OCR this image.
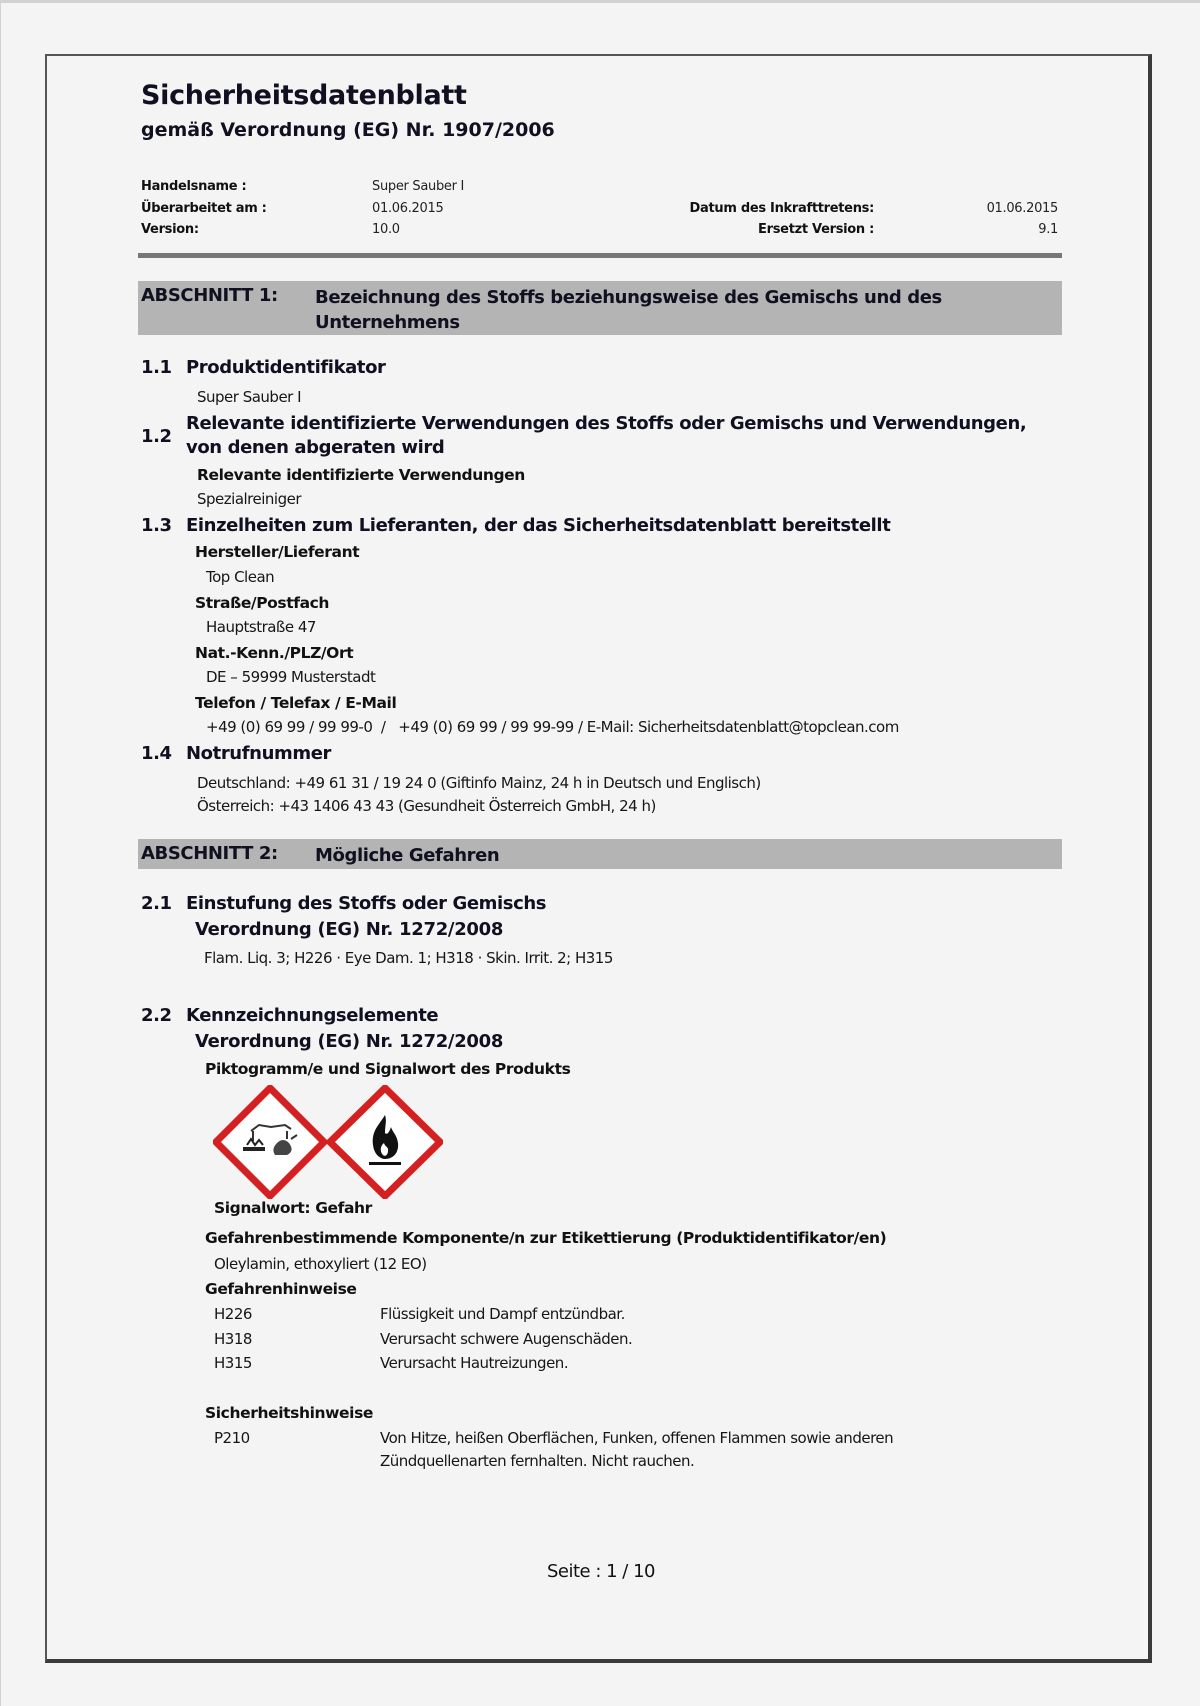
Sicherheitsdatenblatt
gemäß Verordnung (EG) Nr. 1907/2006
Handelsname :	Super Sauber I
Überarbeitet am :	01.06.2015
Version:	10.0
Datum des Inkrafttretens:	01.06.2015
Ersetzt Version :	9.1
ABSCHNITT 1: Bezeichnung des Stoffs beziehungsweise des Gemischs und des Unternehmens
1.1 Produktidentifikator
Super Sauber I
1.2
Relevante identifizierte Verwendungen des Stoffs oder Gemischs und Verwendungen,
von denen abgeraten wird
Relevante identifizierte Verwendungen
Spezialreiniger
1.3 Einzelheiten zum Lieferanten, der das Sicherheitsdatenblatt bereitstellt
Hersteller/Lieferant
Top Clean
Straße/Postfach
Hauptstraße 47
Nat.-Kenn./PLZ/Ort
DE – 59999 Musterstadt
Telefon / Telefax / E-Mail
+49 (0) 69 99 / 99 99-0  /   +49 (0) 69 99 / 99 99-99 / E-Mail: Sicherheitsdatenblatt@topclean.com
1.4 Notrufnummer
Deutschland: +49 61 31 / 19 24 0 (Giftinfo Mainz, 24 h in Deutsch und Englisch)
Österreich: +43 1406 43 43 (Gesundheit Österreich GmbH, 24 h)
ABSCHNITT 2: Mögliche Gefahren
2.1 Einstufung des Stoffs oder Gemischs
Verordnung (EG) Nr. 1272/2008
Flam. Liq. 3; H226 · Eye Dam. 1; H318 · Skin. Irrit. 2; H315
2.2 Kennzeichnungselemente
Verordnung (EG) Nr. 1272/2008
Piktogramm/e und Signalwort des Produkts
Signalwort: Gefahr
Gefahrenbestimmende Komponente/n zur Etikettierung (Produktidentifikator/en)
Oleylamin, ethoxyliert (12 EO)
Gefahrenhinweise
H226	Flüssigkeit und Dampf entzündbar.
H318	Verursacht schwere Augenschäden.
H315	Verursacht Hautreizungen.
Sicherheitshinweise
P210	Von Hitze, heißen Oberflächen, Funken, offenen Flammen sowie anderen
Zündquellenarten fernhalten. Nicht rauchen.
Seite : 1 / 10
